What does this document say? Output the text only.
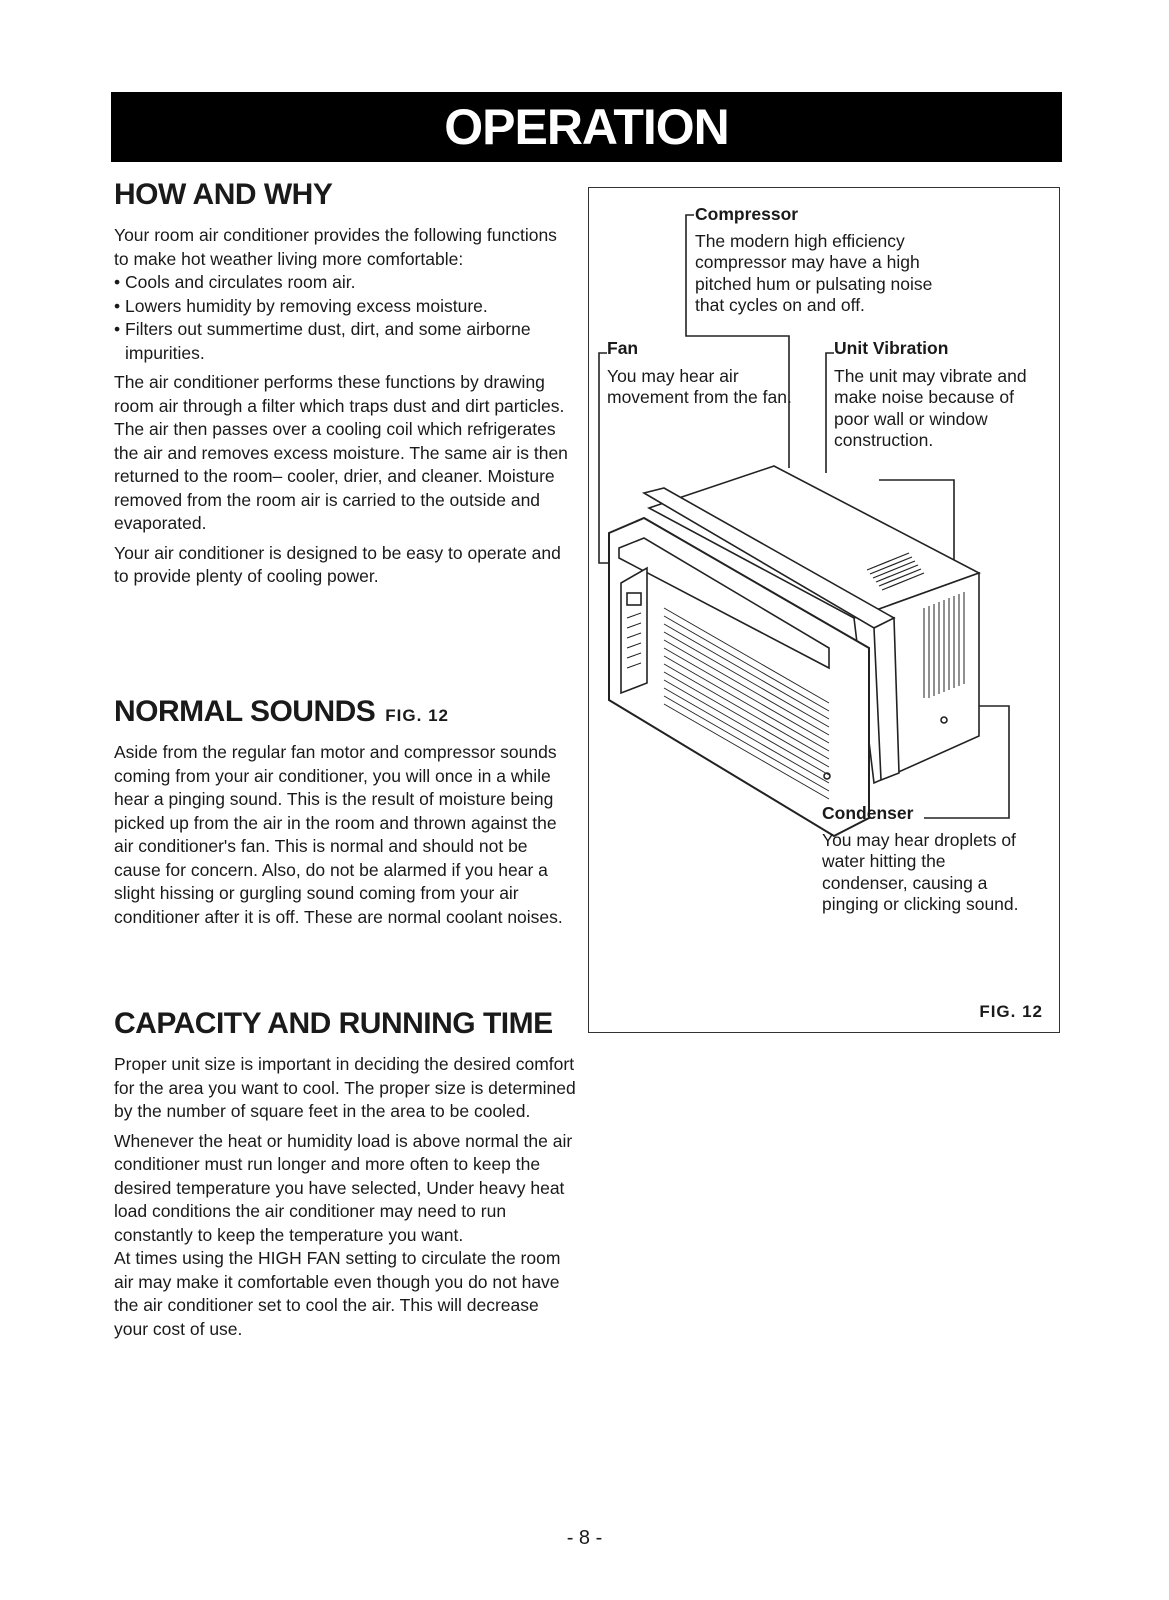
OPERATION
HOW AND WHY

Your room air conditioner provides the following functions to make hot weather living more comfortable:

• Cools and circulates room air.

• Lowers humidity by removing excess moisture.

• Filters out summertime dust, dirt, and some airborne impurities.

The air conditioner performs these functions by drawing room air through a filter which traps dust and dirt particles. The air then passes over a cooling coil which refrigerates the air and removes excess moisture. The same air is then returned to the room– cooler, drier, and cleaner. Moisture removed from the room air is carried to the outside and evaporated.

Your air conditioner is designed to be easy to operate and to provide plenty of cooling power.

NORMAL SOUNDS FIG. 12

Aside from the regular fan motor and compressor sounds coming from your air conditioner, you will once in a while hear a pinging sound. This is the result of moisture being picked up from the air in the room and thrown against the air conditioner's fan. This is normal and should not be cause for concern. Also, do not be alarmed if you hear a slight hissing or gurgling sound coming from your air conditioner after it is off. These are normal coolant noises.

CAPACITY AND RUNNING TIME

Proper unit size is important in deciding the desired comfort for the area you want to cool. The proper size is determined by the number of square feet in the area to be cooled.

Whenever the heat or humidity load is above normal the air conditioner must run longer and more often to keep the desired temperature you have selected, Under heavy heat load conditions the air conditioner may need to run constantly to keep the temperature you want.

At times using the HIGH FAN setting to circulate the room air may make it comfortable even though you do not have the air conditioner set to cool the air. This will decrease your cost of use.

Compressor
The modern high efficiency compressor may have a high pitched hum or pulsating noise that cycles on and off.
Fan
You may hear air movement from the fan.
Unit Vibration
The unit may vibrate and make noise because of poor wall or window construction.
Condenser
You may hear droplets of water hitting the condenser, causing a pinging or clicking sound.
FIG. 12
- 8 -
